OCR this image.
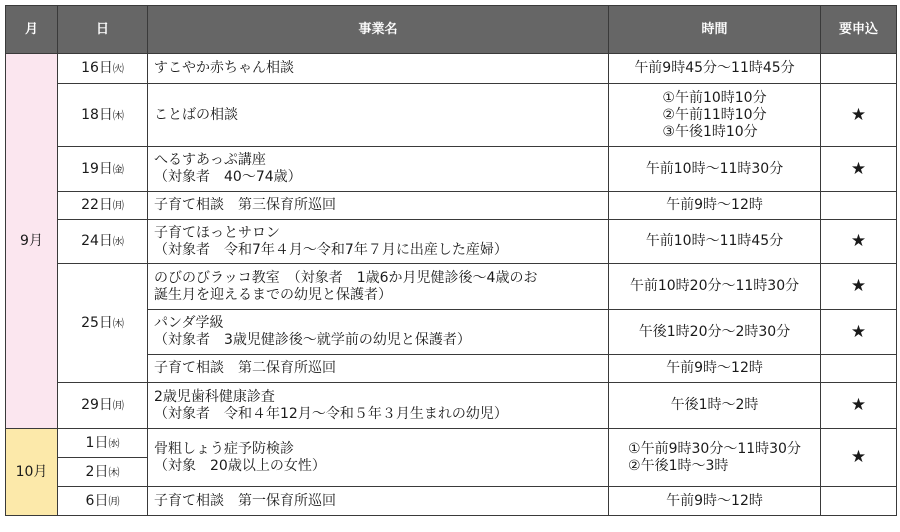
月	日	事業名	時間	要申込
9月	16日㈫	すこやか赤ちゃん相談	午前9時45分～11時45分	

	18日㈭	ことばの相談	①午前10時10分
②午前11時10分
③午後1時10分	★
	19日㈮	へるすあっぷ講座
（対象者　40～74歳）	午前10時～11時30分	★
	22日㈪	子育て相談　第三保育所巡回	午前9時～12時	

	24日㈬	子育てほっとサロン
（対象者　令和7年４月～令和7年７月に出産した産婦）	午前10時～11時45分	★
	25日㈭	のびのびラッコ教室　（対象者　1歳6か月児健診後～4歳のお
誕生月を迎えるまでの幼児と保護者）	午前10時20分～11時30分	★

		パンダ学級
（対象者　3歳児健診後～就学前の幼児と保護者）	午後1時20分～2時30分	★

		子育て相談　第二保育所巡回	午前9時～12時	

	29日㈪	2歳児歯科健康診査
（対象者　令和４年12月～令和５年３月生まれの幼児）	午後1時～2時	★
10月	1日㈬	骨粗しょう症予防検診
（対象　20歳以上の女性）	①午前9時30分～11時30分
②午後1時～3時	★
	2日㈭			
	6日㈪	子育て相談　第一保育所巡回	午前9時～12時	
